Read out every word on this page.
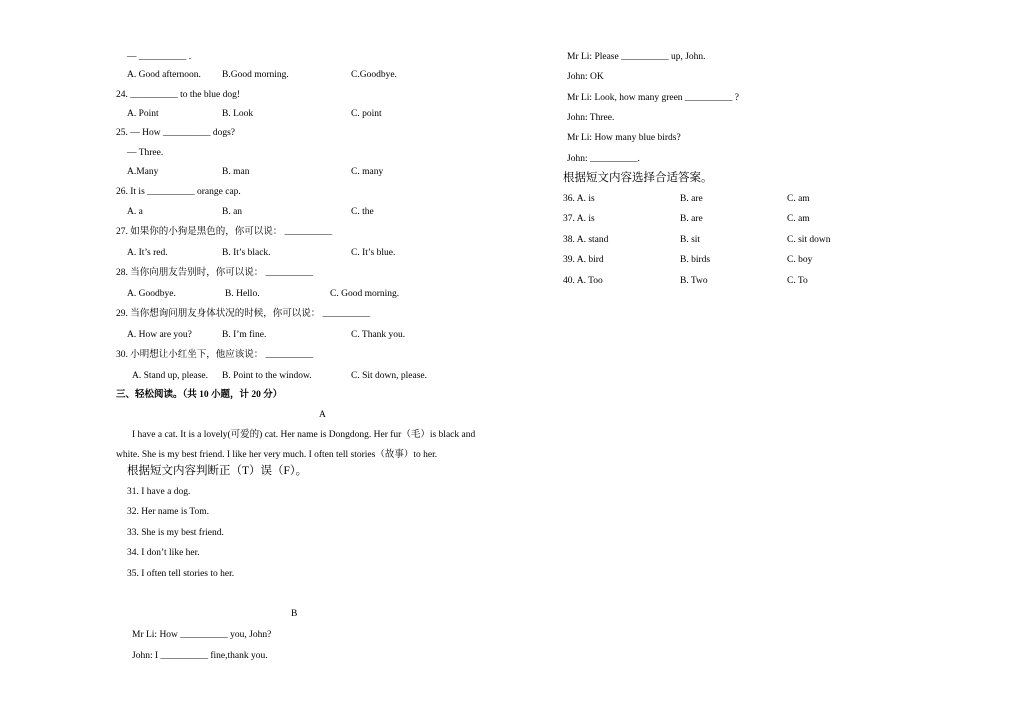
— __________ .
A. Good afternoon. B.Good morning.	C.Goodbye.
24. __________ to the blue dog!
A. Point	B. Look	C. point
25. — How __________ dogs?
— Three.
A.Many	B. man	C. many
26. It is __________ orange cap.
A. a	B. an	C. the
27. 如果你的小狗是黑色的，你可以说： __________
A. It’s red.	B. It’s black.	C. It’s blue.
28. 当你向朋友告别时，你可以说： __________
A. Goodbye.	B. Hello.	C. Good morning.
29. 当你想询问朋友身体状况的时候，你可以说： __________
A. How are you?	B. I’m fine.	C. Thank you.
30. 小明想让小红坐下，他应该说： __________
A. Stand up, please. B. Point to the window.	C. Sit down, please.
三、轻松阅读。（共 10 小题，计 20 分）
A
I have a cat. It is a lovely(可爱的) cat. Her name is Dongdong. Her fur（毛）is black and
white. She is my best friend. I like her very much. I often tell stories（故事）to her.
根据短文内容判断正（T）误（F）。
31. I have a dog.
32. Her name is Tom.
33. She is my best friend.
34. I don’t like her.
35. I often tell stories to her.
B
Mr Li: How __________ you, John?
John: I __________ fine,thank you.
Mr Li: Please __________ up, John.
John: OK
Mr Li: Look, how many green __________ ?
John: Three.
Mr Li: How many blue birds?
John: __________.
根据短文内容选择合适答案。
36. A. is	B. are	C. am
37. A. is	B. are	C. am
38. A. stand	B. sit	C. sit down
39. A. bird	B. birds	C. boy
40. A. Too	B. Two	C. To
